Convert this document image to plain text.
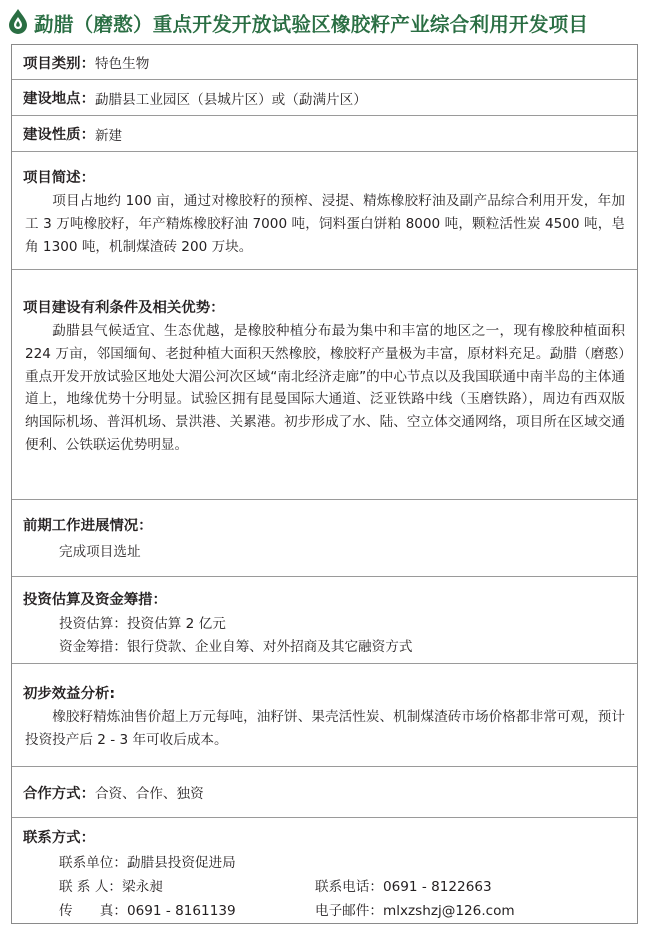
勐腊（磨憨）重点开发开放试验区橡胶籽产业综合利用开发项目
项目类别： 特色生物
建设地点： 勐腊县工业园区（县城片区）或（勐满片区）
建设性质： 新建
项目简述：
项目占地约 100 亩，通过对橡胶籽的预榨、浸提、精炼橡胶籽油及副产品综合利用开发，年加工 3 万吨橡胶籽，年产精炼橡胶籽油 7000 吨，饲料蛋白饼粕 8000 吨，颗粒活性炭 4500 吨，皂角 1300 吨，机制煤渣砖 200 万块。
项目建设有利条件及相关优势：
勐腊县气候适宜、生态优越，是橡胶种植分布最为集中和丰富的地区之一，现有橡胶种植面积 224 万亩，邻国缅甸、老挝种植大面积天然橡胶，橡胶籽产量极为丰富，原材料充足。勐腊（磨憨）重点开发开放试验区地处大湄公河次区域“南北经济走廊”的中心节点以及我国联通中南半岛的主体通道上，地缘优势十分明显。试验区拥有昆曼国际大通道、泛亚铁路中线（玉磨铁路），周边有西双版纳国际机场、普洱机场、景洪港、关累港。初步形成了水、陆、空立体交通网络，项目所在区域交通便利、公铁联运优势明显。
前期工作进展情况：
完成项目选址
投资估算及资金筹措：
投资估算：投资估算 2 亿元
资金筹措：银行贷款、企业自筹、对外招商及其它融资方式
初步效益分析:
橡胶籽精炼油售价超上万元每吨，油籽饼、果壳活性炭、机制煤渣砖市场价格都非常可观，预计投资投产后 2 - 3 年可收后成本。
合作方式： 合资、合作、独资
联系方式：
联系单位：勐腊县投资促进局
联 系 人：梁永昶	联系电话：0691 - 8122663
传　　真：0691 - 8161139	电子邮件：mlxzshzj@126.com
